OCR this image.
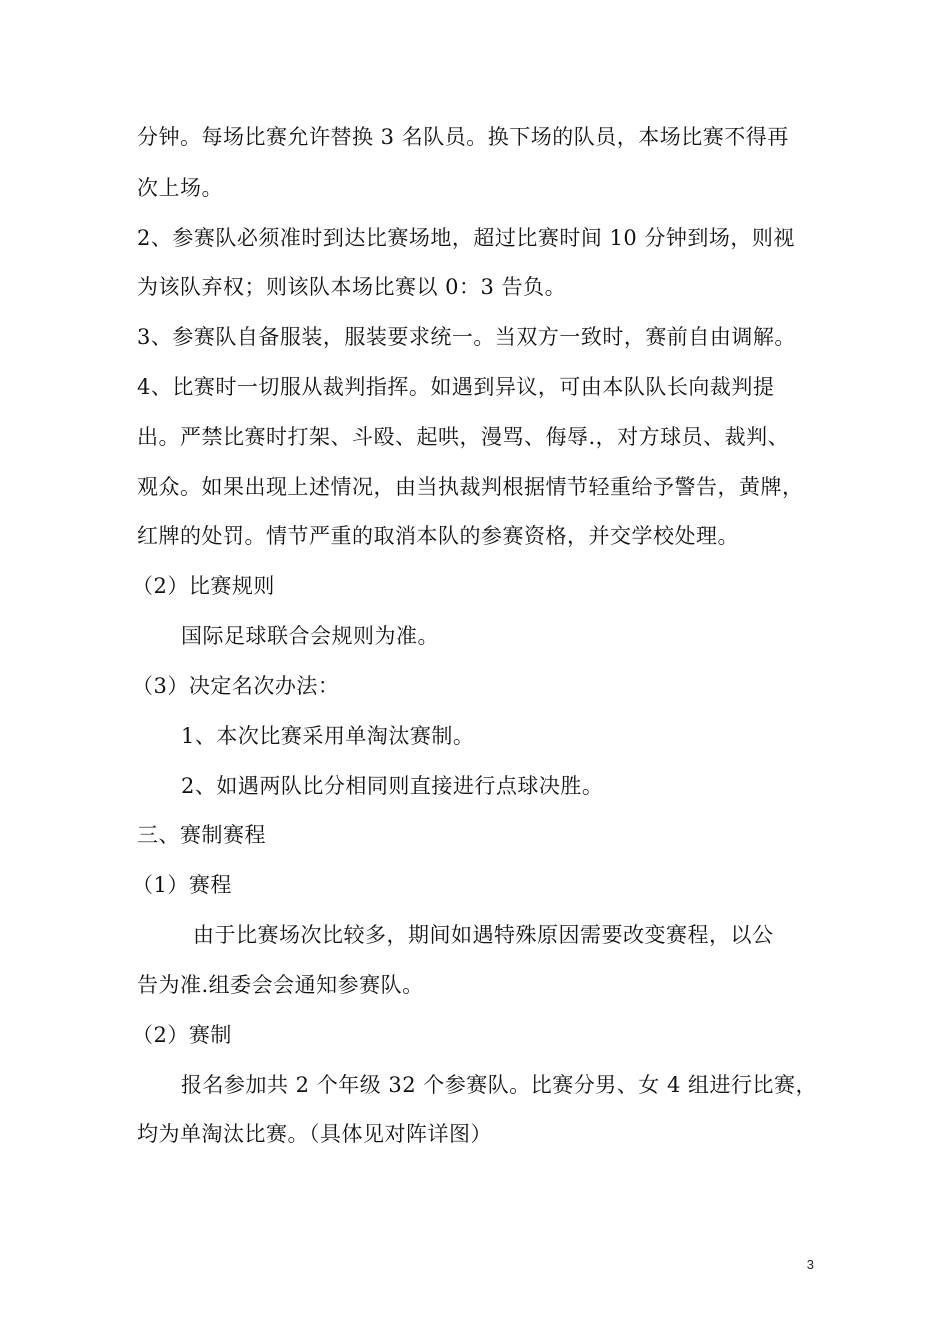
分钟。每场比赛允许替换 3 名队员。换下场的队员，本场比赛不得再
次上场。
2、参赛队必须准时到达比赛场地，超过比赛时间 10 分钟到场，则视
为该队弃权；则该队本场比赛以 0：3 告负。
3、参赛队自备服装，服装要求统一。当双方一致时，赛前自由调解。
4、比赛时一切服从裁判指挥。如遇到异议，可由本队队长向裁判提
出。严禁比赛时打架、斗殴、起哄，漫骂、侮辱.，对方球员、裁判、
观众。如果出现上述情况，由当执裁判根据情节轻重给予警告，黄牌，
红牌的处罚。情节严重的取消本队的参赛资格，并交学校处理。
（2）比赛规则
国际足球联合会规则为准。
（3）决定名次办法：
1、本次比赛采用单淘汰赛制。
2、如遇两队比分相同则直接进行点球决胜。
三、赛制赛程
（1）赛程
由于比赛场次比较多，期间如遇特殊原因需要改变赛程，以公
告为准.组委会会通知参赛队。
（2）赛制
报名参加共 2 个年级 32 个参赛队。比赛分男、女 4 组进行比赛，
均为单淘汰比赛。（具体见对阵详图）
3
